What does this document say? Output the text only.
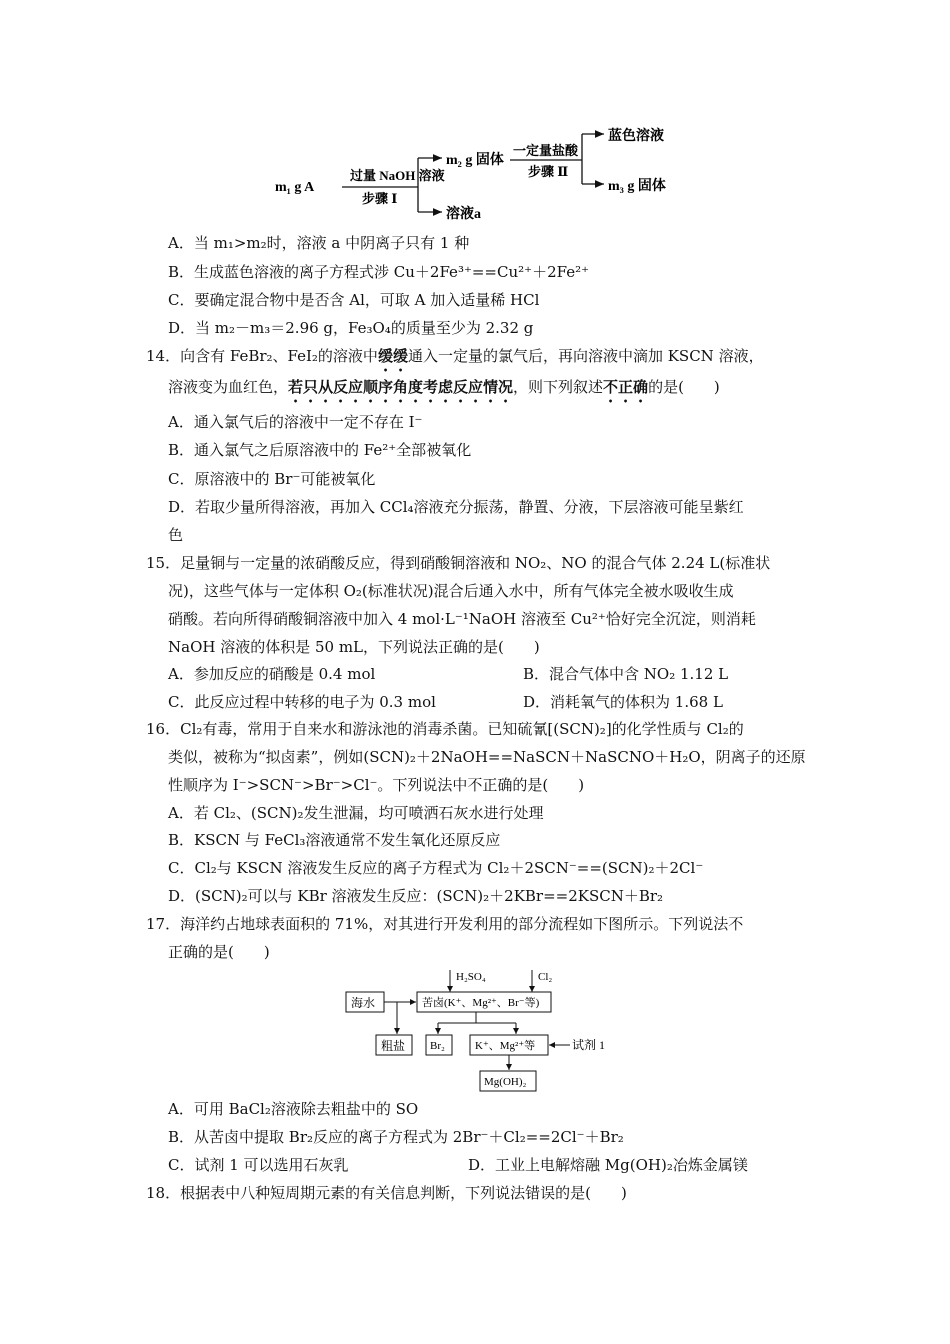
m₁ g A
过量 NaOH 溶液
步骤 Ⅰ
m₂ g 固体
溶液a
一定量盐酸
步骤 Ⅱ
蓝色溶液
m₃ g 固体
A．当 m₁>m₂时，溶液 a 中阴离子只有 1 种
B．生成蓝色溶液的离子方程式涉 Cu＋2Fe³⁺==Cu²⁺＋2Fe²⁺
C．要确定混合物中是否含 Al，可取 A 加入适量稀 HCl
D．当 m₂－m₃＝2.96 g，Fe₃O₄的质量至少为 2.32 g
14．向含有 FeBr₂、FeI₂的溶液中缓缓通入一定量的氯气后，再向溶液中滴加 KSCN 溶液，
溶液变为血红色，若只从反应顺序角度考虑反应情况，则下列叙述不正确的是(　　)
A．通入氯气后的溶液中一定不存在 I⁻
B．通入氯气之后原溶液中的 Fe²⁺全部被氧化
C．原溶液中的 Br⁻可能被氧化
D．若取少量所得溶液，再加入 CCl₄溶液充分振荡，静置、分液，下层溶液可能呈紫红
色
15．足量铜与一定量的浓硝酸反应，得到硝酸铜溶液和 NO₂、NO 的混合气体 2.24 L(标准状
况)，这些气体与一定体积 O₂(标准状况)混合后通入水中，所有气体完全被水吸收生成
硝酸。若向所得硝酸铜溶液中加入 4 mol·L⁻¹NaOH 溶液至 Cu²⁺恰好完全沉淀，则消耗
NaOH 溶液的体积是 50 mL，下列说法正确的是(　　)
A．参加反应的硝酸是 0.4 mol	B．混合气体中含 NO₂ 1.12 L
C．此反应过程中转移的电子为 0.3 mol	D．消耗氧气的体积为 1.68 L
16．Cl₂有毒，常用于自来水和游泳池的消毒杀菌。已知硫氰[(SCN)₂]的化学性质与 Cl₂的
类似，被称为“拟卤素”，例如(SCN)₂＋2NaOH==NaSCN＋NaSCNO＋H₂O，阴离子的还原
性顺序为 I⁻>SCN⁻>Br⁻>Cl⁻。下列说法中不正确的是(　　)
A．若 Cl₂、(SCN)₂发生泄漏，均可喷洒石灰水进行处理
B．KSCN 与 FeCl₃溶液通常不发生氧化还原反应
C．Cl₂与 KSCN 溶液发生反应的离子方程式为 Cl₂＋2SCN⁻==(SCN)₂＋2Cl⁻
D．(SCN)₂可以与 KBr 溶液发生反应：(SCN)₂＋2KBr==2KSCN＋Br₂
17．海洋约占地球表面积的 71%，对其进行开发利用的部分流程如下图所示。下列说法不
正确的是(　　)
H₂SO₄	Cl₂
海水	苦卤(K⁺、Mg²⁺、Br⁻等)
粗盐 Br₂	K⁺、Mg²⁺等	试剂 1
Mg(OH)₂
A．可用 BaCl₂溶液除去粗盐中的 SO
B．从苦卤中提取 Br₂反应的离子方程式为 2Br⁻＋Cl₂==2Cl⁻＋Br₂
C．试剂 1 可以选用石灰乳	D．工业上电解熔融 Mg(OH)₂冶炼金属镁
18．根据表中八种短周期元素的有关信息判断，下列说法错误的是(　　)
